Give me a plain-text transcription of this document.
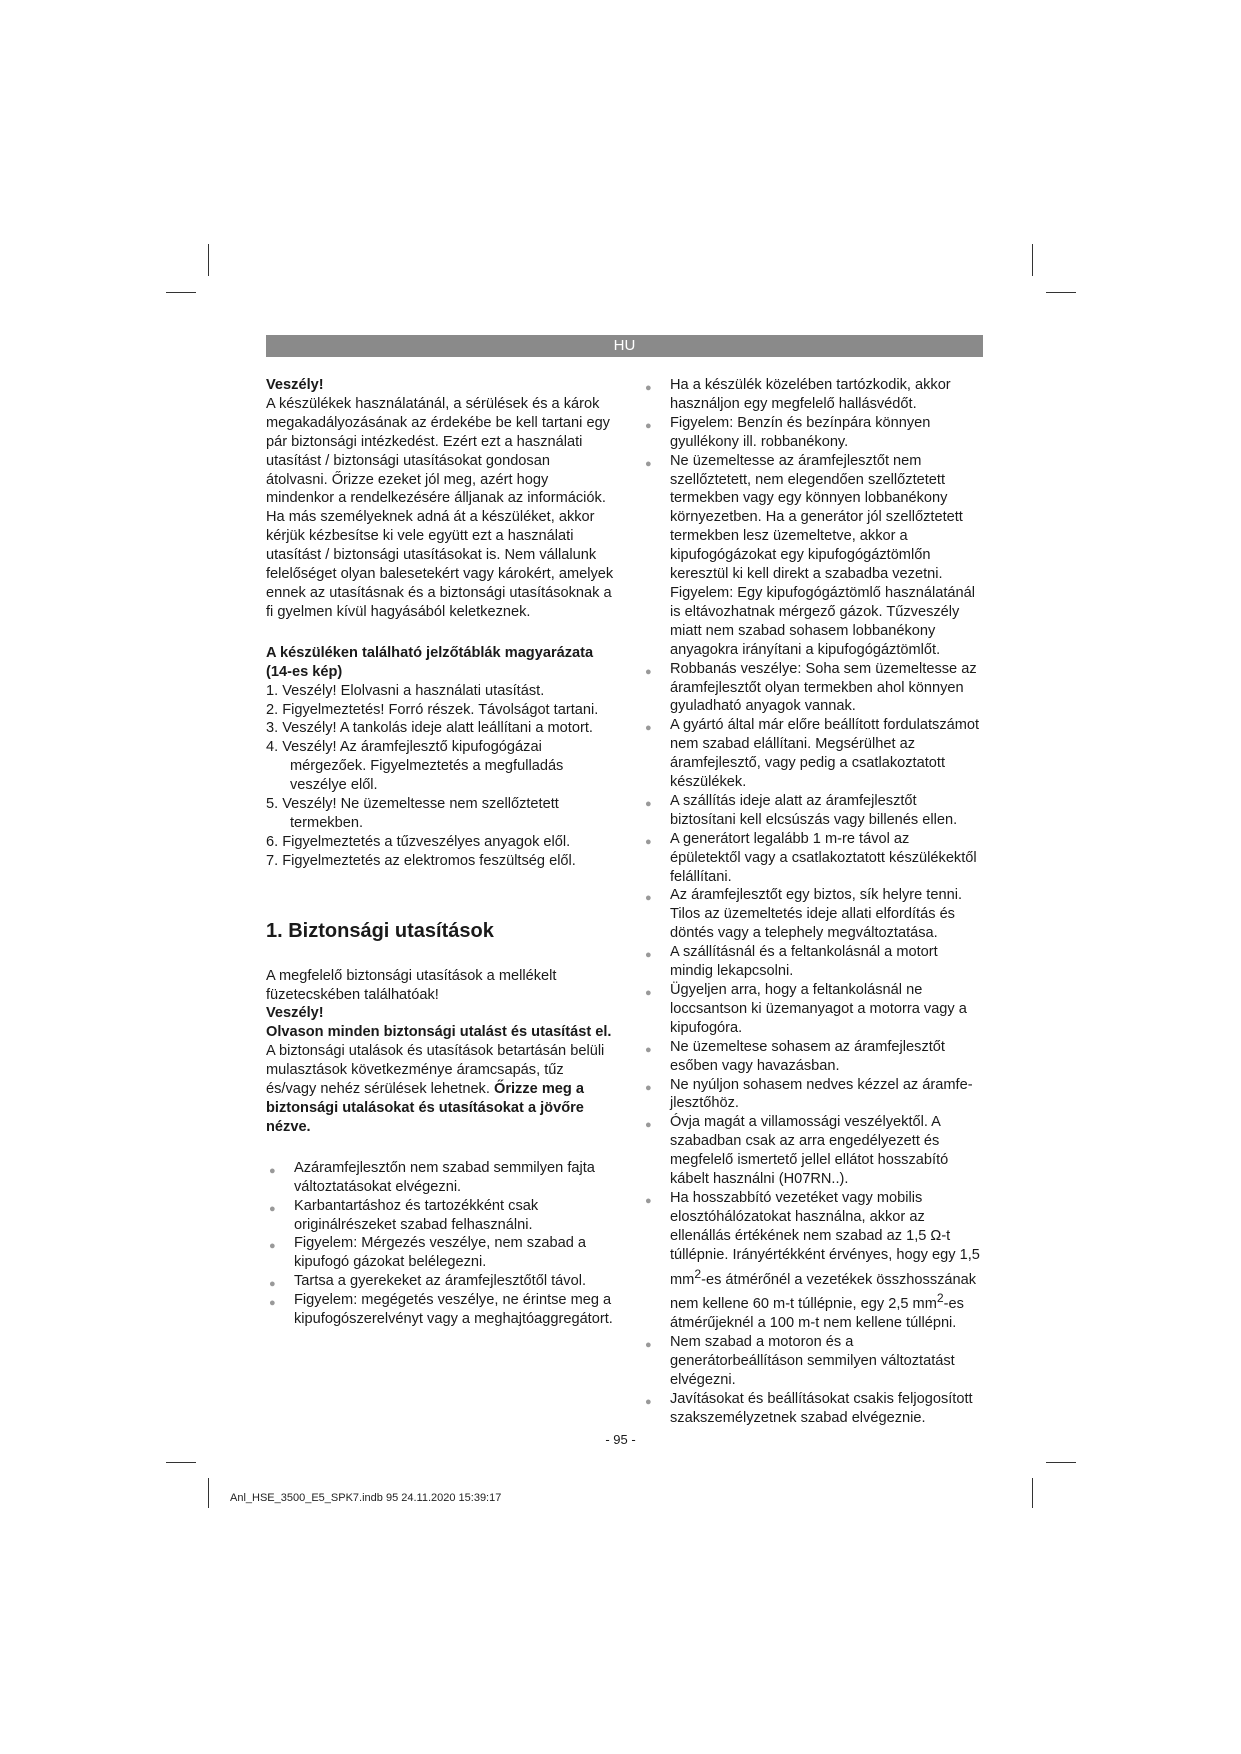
HU

Veszély!

A készülékek használatánál, a sérülések és a károk megakadályozásának az érdekébe be kell tartani egy pár biztonsági intézkedést. Ezért ezt a használati utasítást / biztonsági utasításokat gondosan átolvasni. Őrizze ezeket jól meg, azért hogy mindenkor a rendelkezésére álljanak az információk. Ha más személyeknek adná át a készüléket, akkor kérjük kézbesítse ki vele együtt ezt a használati utasítást / biztonsági utasításokat is. Nem vállalunk felelőséget olyan balesetekért vagy károkért, amelyek ennek az utasításnak és a biztonsági utasításoknak a fi gyelmen kívül hagyásából keletkeznek.

A készüléken található jelzőtáblák magyarázata (14-es kép)

1. Veszély! Elolvasni a használati utasítást.
2. Figyelmeztetés! Forró részek. Távolságot tartani.
3. Veszély! A tankolás ideje alatt leállítani a motort.
4. Veszély! Az áramfejlesztő kipufogógázai mérgezőek. Figyelmeztetés a megfulladás veszélye elől.
5. Veszély! Ne üzemeltesse nem szellőztetett termekben.
6. Figyelmeztetés a tűzveszélyes anyagok elől.
7. Figyelmeztetés az elektromos feszültség elől.

1. Biztonsági utasítások

A megfelelő biztonsági utasítások a mellékelt füzetecskében találhatóak!

Veszély!

Olvason minden biztonsági utalást és utasítást el. A biztonsági utalások és utasítások betartásán belüli mulasztások következménye áramcsapás, tűz és/vagy nehéz sérülések lehetnek. Őrizze meg a biztonsági utalásokat és utasításokat a jövőre nézve.

● Azáramfejlesztőn nem szabad semmilyen fajta változtatásokat elvégezni.
● Karbantartáshoz és tartozékként csak originálrészeket szabad felhasználni.
● Figyelem: Mérgezés veszélye, nem szabad a kipufogó gázokat belélegezni.
● Tartsa a gyerekeket az áramfejlesztőtől távol.
● Figyelem: megégetés veszélye, ne érintse meg a kipufogószerelvényt vagy a meghajtóaggregátort.
● Ha a készülék közelében tartózkodik, akkor használjon egy megfelelő hallásvédőt.
● Figyelem: Benzín és bezínpára könnyen gyullékony ill. robbanékony.
● Ne üzemeltesse az áramfejlesztőt nem szellőztetett, nem elegendően szellőztetett termekben vagy egy könnyen lobbanékony környezetben. Ha a generátor jól szellőztetett termekben lesz üzemeltetve, akkor a kipufogógázokat egy kipufogógáztömlőn keresztül ki kell direkt a szabadba vezetni. Figyelem: Egy kipufogógáztömlő használatánál is eltávozhatnak mérgező gázok. Tűzveszély miatt nem szabad sohasem lobbanékony anyagokra irányítani a kipufogógáztömlőt.
● Robbanás veszélye: Soha sem üzemeltesse az áramfejlesztőt olyan termekben ahol könnyen gyuladható anyagok vannak.
● A gyártó által már előre beállított fordulatszámot nem szabad elállítani. Megsérülhet az áramfejlesztő, vagy pedig a csatlakoztatott készülékek.
● A szállítás ideje alatt az áramfejlesztőt biztosítani kell elcsúszás vagy billenés ellen.
● A generátort legalább 1 m-re távol az épületektől vagy a csatlakoztatott készülékektől felállítani.
● Az áramfejlesztőt egy biztos, sík helyre tenni. Tilos az üzemeltetés ideje allati elfordítás és döntés vagy a telephely megváltoztatása.
● A szállításnál és a feltankolásnál a motort mindig lekapcsolni.
● Ügyeljen arra, hogy a feltankolásnál ne loccsantson ki üzemanyagot a motorra vagy a kipufogóra.
● Ne üzemeltese sohasem az áramfejlesztőt esőben vagy havazásban.
● Ne nyúljon sohasem nedves kézzel az áramfe-jlesztőhöz.
● Óvja magát a villamossági veszélyektől. A szabadban csak az arra engedélyezett és megfelelő ismertető jellel ellátot hosszabító kábelt használni (H07RN..).
● Ha hosszabbító vezetéket vagy mobilis elosztóhálózatokat használna, akkor az ellenállás értékének nem szabad az 1,5 Ω-t túllépnie. Irányértékként érvényes, hogy egy 1,5 $mm^2-es$ átmérőnél a vezetékek összhosszának nem kellene 60 m-t túllépnie, egy 2,5 $mm^2-es$ átmérűjeknél a 100 m-t nem kellene túllépni.
● Nem szabad a motoron és a generátorbeállításon semmilyen változtatást elvégezni.
● Javításokat és beállításokat csakis feljogosított szakszemélyzetnek szabad elvégeznie.
- 95 -
Anl_HSE_3500_E5_SPK7.indb 95 24.11.2020 15:39:17
